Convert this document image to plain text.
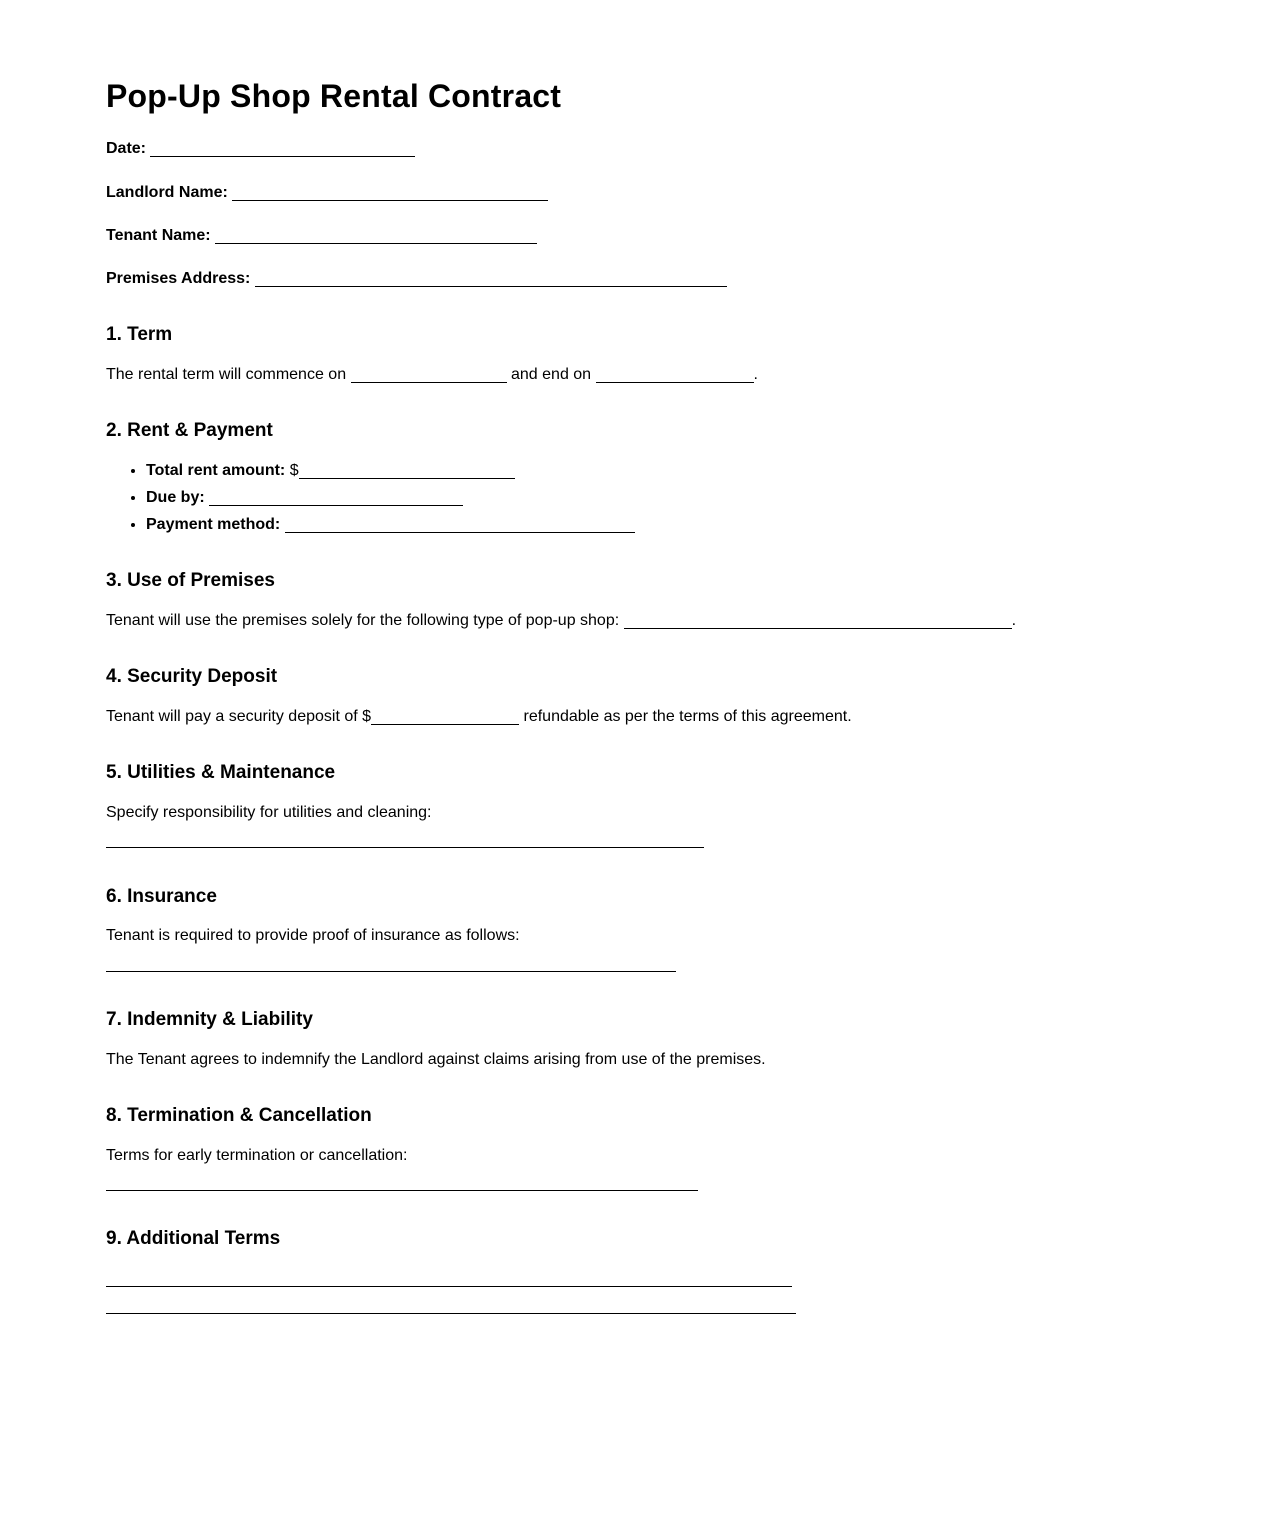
Pop-Up Shop Rental Contract

Date:

Landlord Name:

Tenant Name:

Premises Address:

1. Term

The rental term will commence on	and end on	.

2. Rent & Payment
• Total rent amount: $
• Due by:
• Payment method:
3. Use of Premises

Tenant will use the premises solely for the following type of pop-up shop:	.

4. Security Deposit

Tenant will pay a security deposit of $	refundable as per the terms of this agreement.

5. Utilities & Maintenance

Specify responsibility for utilities and cleaning:

6. Insurance

Tenant is required to provide proof of insurance as follows:

7. Indemnity & Liability

The Tenant agrees to indemnify the Landlord against claims arising from use of the premises.

8. Termination & Cancellation

Terms for early termination or cancellation:

9. Additional Terms
